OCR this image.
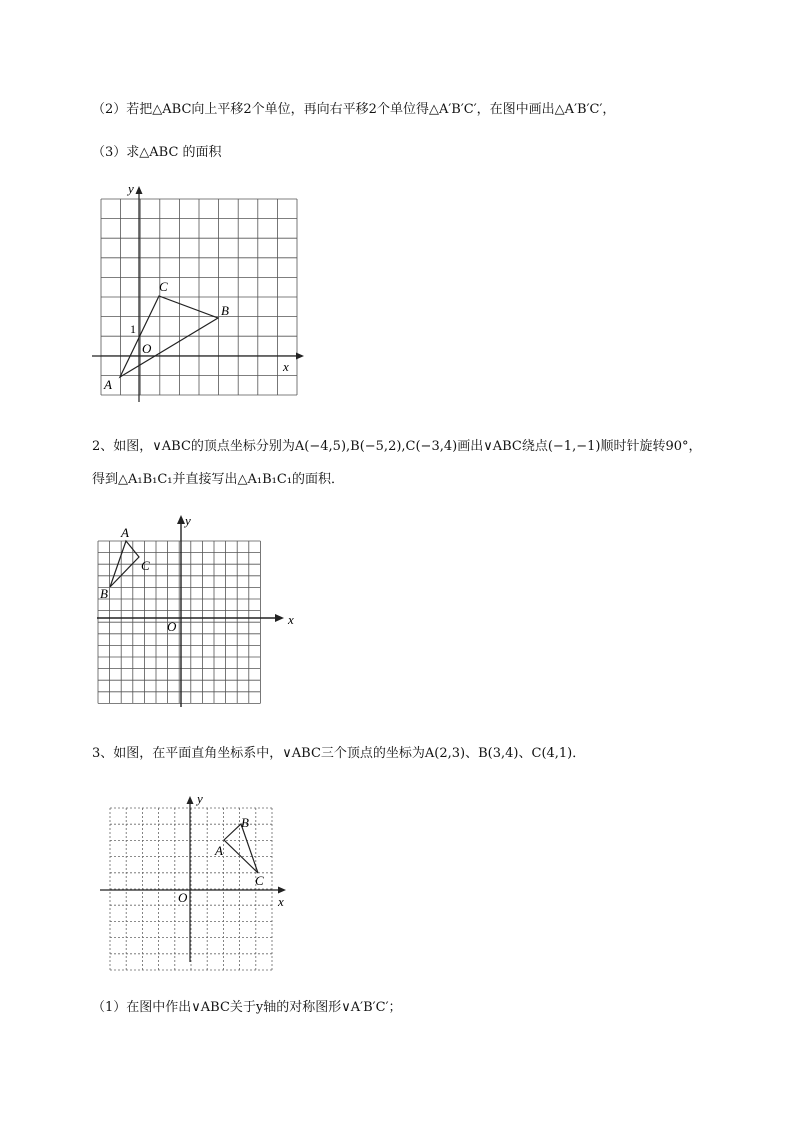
（2）若把△ABC向上平移2个单位，再向右平移2个单位得△A′B′C′，在图中画出△A′B′C′，
（3）求△ABC 的面积
A
B
C
O
x
y
1
2、如图，∨ABC的顶点坐标分别为A(−4,5),B(−5,2),C(−3,4)画出∨ABC绕点(−1,−1)顺时针旋转90°，
得到△A₁B₁C₁并直接写出△A₁B₁C₁的面积．
A
B
C
O	x
y
3、如图，在平面直角坐标系中，∨ABC三个顶点的坐标为A(2,3)、B(3,4)、C(4,1)．
A
B
C
O	x
y
（1）在图中作出∨ABC关于y轴的对称图形∨A′B′C′；
